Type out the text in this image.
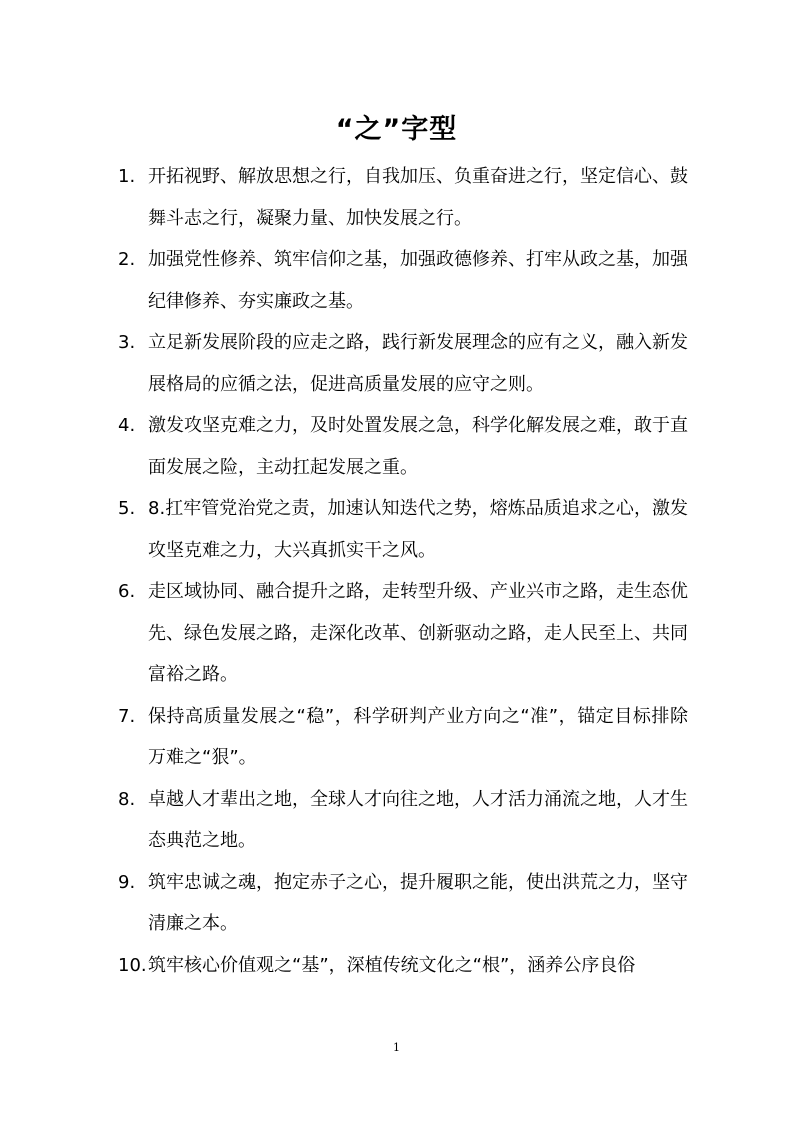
“之”字型
1. 开拓视野、解放思想之行，自我加压、负重奋进之行，坚定信心、鼓舞斗志之行，凝聚力量、加快发展之行。
2. 加强党性修养、筑牢信仰之基，加强政德修养、打牢从政之基，加强纪律修养、夯实廉政之基。
3. 立足新发展阶段的应走之路，践行新发展理念的应有之义，融入新发展格局的应循之法，促进高质量发展的应守之则。
4. 激发攻坚克难之力，及时处置发展之急，科学化解发展之难，敢于直面发展之险，主动扛起发展之重。
5. 8.扛牢管党治党之责，加速认知迭代之势，熔炼品质追求之心，激发攻坚克难之力，大兴真抓实干之风。
6. 走区域协同、融合提升之路，走转型升级、产业兴市之路，走生态优先、绿色发展之路，走深化改革、创新驱动之路，走人民至上、共同富裕之路。
7. 保持高质量发展之“稳”，科学研判产业方向之“准”，锚定目标排除万难之“狠”。
8. 卓越人才辈出之地，全球人才向往之地，人才活力涌流之地，人才生态典范之地。
9. 筑牢忠诚之魂，抱定赤子之心，提升履职之能，使出洪荒之力，坚守清廉之本。
10. 筑牢核心价值观之“基”，深植传统文化之“根”，涵养公序良俗
1
